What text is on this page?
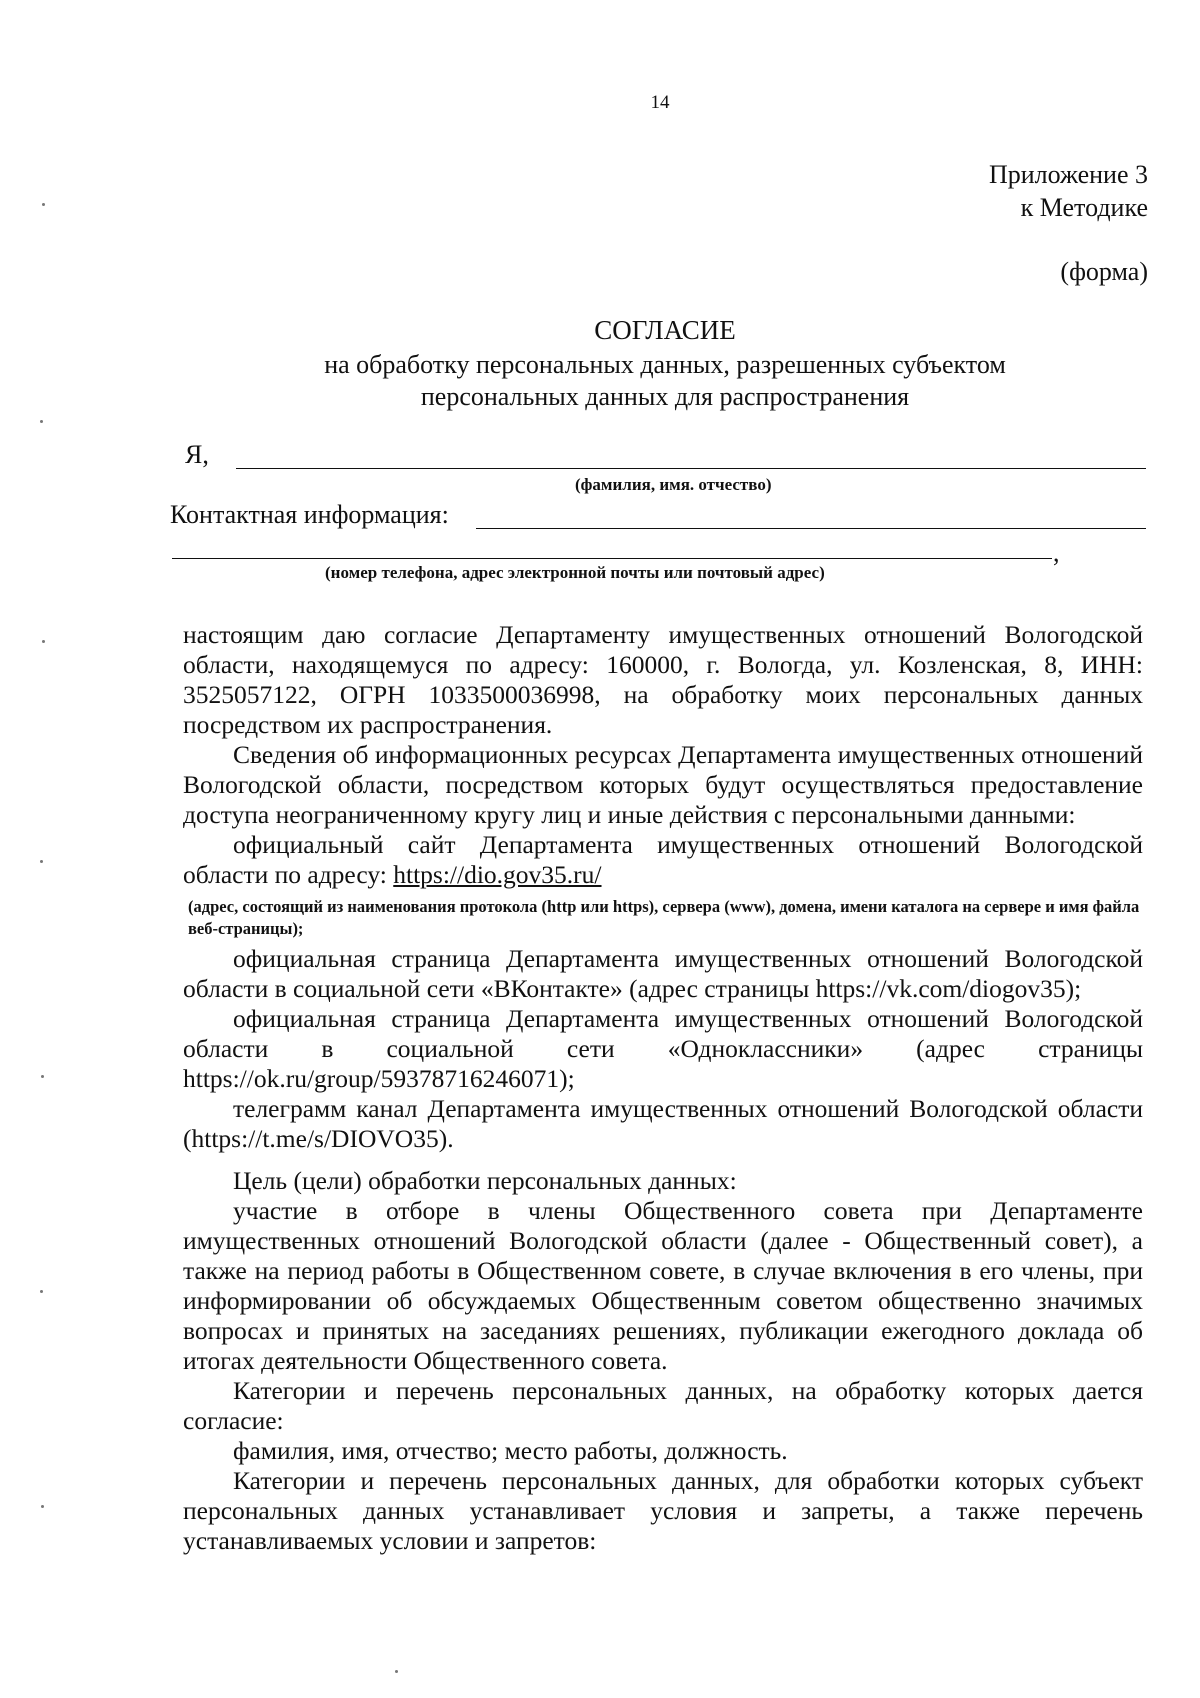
14
Приложение 3
к Методике
(форма)
СОГЛАСИЕ
на обработку персональных данных, разрешенных субъектом
персональных данных для распространения
Я,
(фамилия, имя. отчество)
Контактная информация:
,
(номер телефона, адрес электронной почты или почтовый адрес)

настоящим даю согласие Департаменту имущественных отношений Вологодской области, находящемуся по адресу: 160000, г. Вологда, ул. Козленская, 8, ИНН: 3525057122, ОГРН 1033500036998, на обработку моих персональных данных посредством их распространения.

Сведения об информационных ресурсах Департамента имущественных отношений Вологодской области, посредством которых будут осуществляться предоставление доступа неограниченному кругу лиц и иные действия с персональными данными:

официальный сайт Департамента имущественных отношений Вологодской области по адресу: https://dio.gov35.ru/

(адрес, состоящий из наименования протокола (http или https), сервера (www), домена, имени каталога на сервере и имя файла веб-страницы);

официальная страница Департамента имущественных отношений Вологодской области в социальной сети «ВКонтакте» (адрес страницы https://vk.com/diogov35);

официальная страница Департамента имущественных отношений Вологодской области в социальной сети «Одноклассники» (адрес страницы https://ok.ru/group/59378716246071);

телеграмм канал Департамента имущественных отношений Вологодской области (https://t.me/s/DIOVO35).

Цель (цели) обработки персональных данных:

участие в отборе в члены Общественного совета при Департаменте имущественных отношений Вологодской области (далее - Общественный совет), а также на период работы в Общественном совете, в случае включения в его члены, при информировании об обсуждаемых Общественным советом общественно значимых вопросах и принятых на заседаниях решениях, публикации ежегодного доклада об итогах деятельности Общественного совета.

Категории и перечень персональных данных, на обработку которых дается согласие:

фамилия, имя, отчество; место работы, должность.

Категории и перечень персональных данных, для обработки которых субъект персональных данных устанавливает условия и запреты, а также перечень устанавливаемых условии и запретов:
